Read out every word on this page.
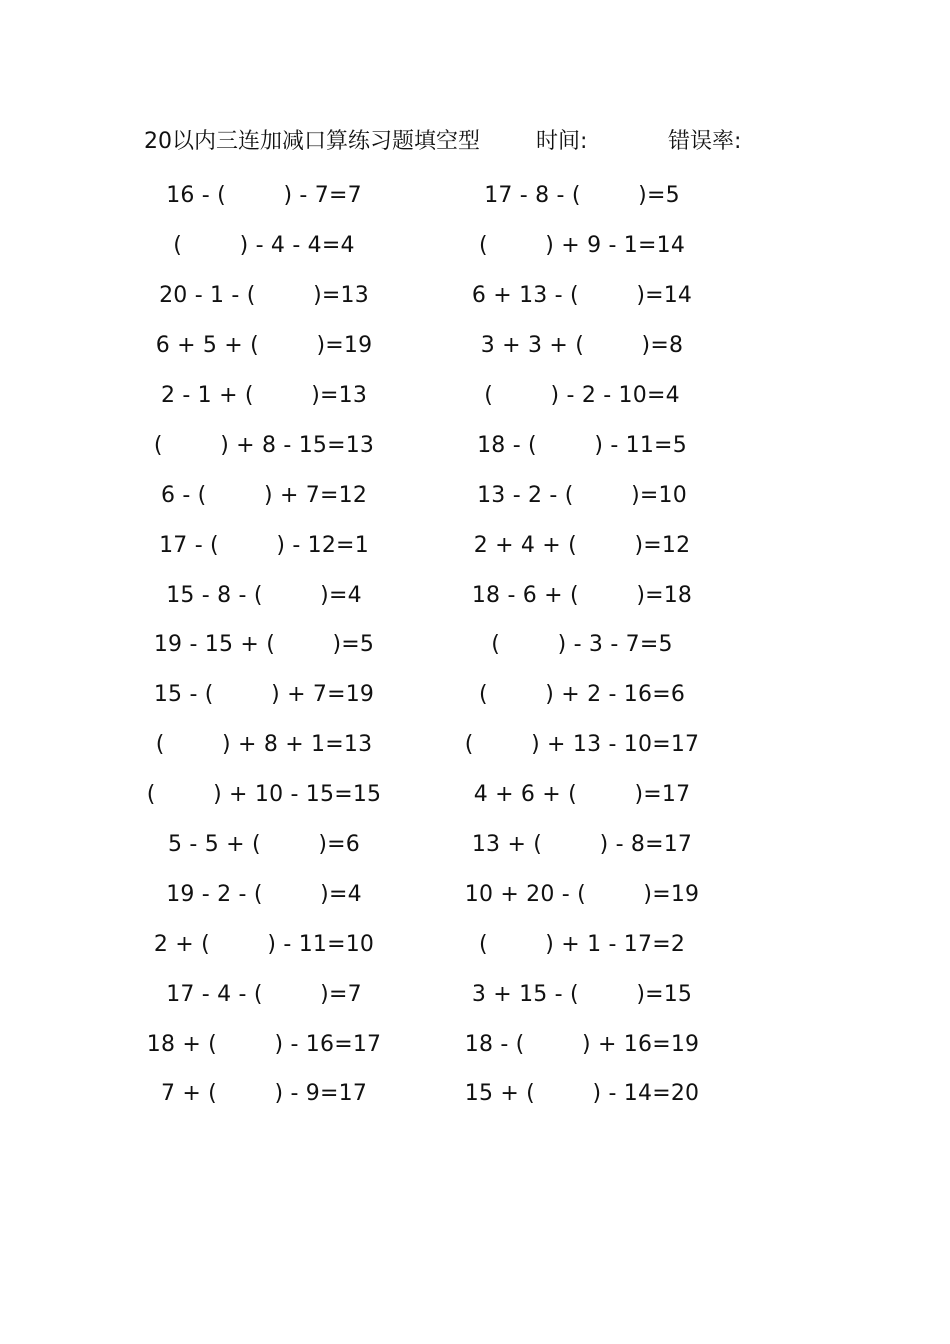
20以内三连加减口算练习题填空型	时间:	错误率:
16 - (        ) - 7=7
(        ) - 4 - 4=4
20 - 1 - (        )=13
6 + 5 + (        )=19
2 - 1 + (        )=13
(        ) + 8 - 15=13
6 - (        ) + 7=12
17 - (        ) - 12=1
15 - 8 - (        )=4
19 - 15 + (        )=5
15 - (        ) + 7=19
(        ) + 8 + 1=13
(        ) + 10 - 15=15
5 - 5 + (        )=6
19 - 2 - (        )=4
2 + (        ) - 11=10
17 - 4 - (        )=7
18 + (        ) - 16=17
7 + (        ) - 9=17
17 - 8 - (        )=5
(        ) + 9 - 1=14
6 + 13 - (        )=14
3 + 3 + (        )=8
(        ) - 2 - 10=4
18 - (        ) - 11=5
13 - 2 - (        )=10
2 + 4 + (        )=12
18 - 6 + (        )=18
(        ) - 3 - 7=5
(        ) + 2 - 16=6
(        ) + 13 - 10=17
4 + 6 + (        )=17
13 + (        ) - 8=17
10 + 20 - (        )=19
(        ) + 1 - 17=2
3 + 15 - (        )=15
18 - (        ) + 16=19
15 + (        ) - 14=20
